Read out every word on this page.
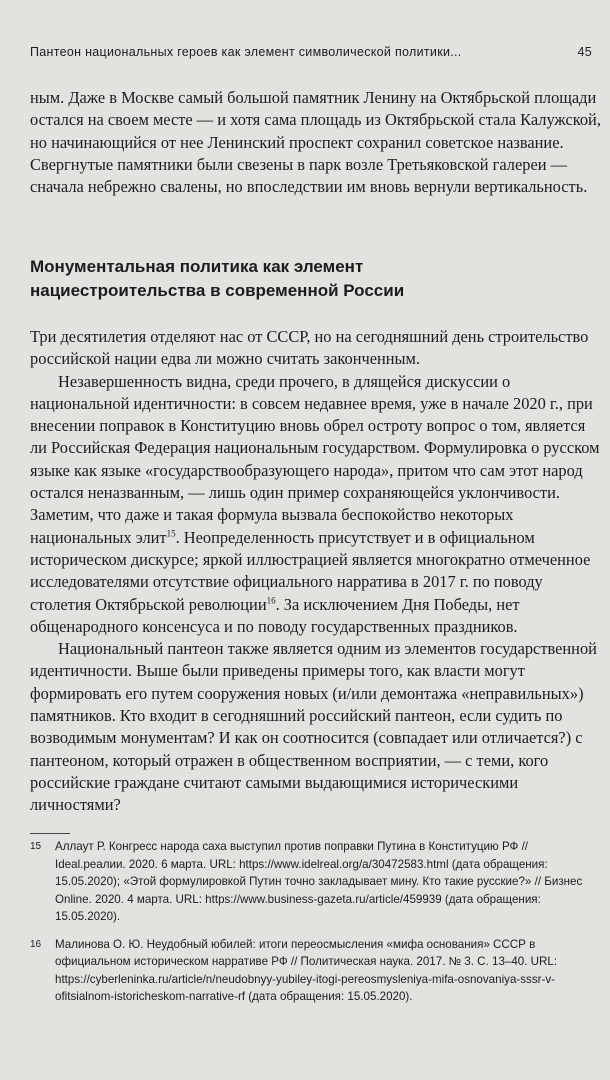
Пантеон национальных героев как элемент символической политики...	45

ным. Даже в Москве самый большой памятник Ленину на Октябрьской площади остался на своем месте — и хотя сама площадь из Октябрьской стала Калужской, но начинающийся от нее Ленинский проспект сохранил советское название. Свергнутые памятники были свезены в парк возле Третьяковской галереи — сначала небрежно свалены, но впоследствии им вновь вернули вертикальность.

Монументальная политика как элемент
нациестроительства в современной России

Три десятилетия отделяют нас от СССР, но на сегодняшний день строительство российской нации едва ли можно считать законченным.

Незавершенность видна, среди прочего, в длящейся дискуссии о национальной идентичности: в совсем недавнее время, уже в начале 2020 г., при внесении поправок в Конституцию вновь обрел остроту вопрос о том, является ли Российская Федерация национальным государством. Формулировка о русском языке как языке «государствообразующего народа», притом что сам этот народ остался неназванным, — лишь один пример сохраняющейся уклончивости. Заметим, что даже и такая формула вызвала беспокойство некоторых национальных элит$^{15}$. Неопределенность присутствует и в официальном историческом дискурсе; яркой иллюстрацией является многократно отмеченное исследователями отсутствие официального нарратива в 2017 г. по поводу столетия Октябрьской революции$^{16}$. За исключением Дня Победы, нет общенародного консенсуса и по поводу государственных праздников.

Национальный пантеон также является одним из элементов государственной идентичности. Выше были приведены примеры того, как власти могут формировать его путем сооружения новых (и/или демонтажа «неправильных») памятников. Кто входит в сегодняшний российский пантеон, если судить по возводимым монументам? И как он соотносится (совпадает или отличается?) с пантеоном, который отражен в общественном восприятии, — с теми, кого российские граждане считают самыми выдающимися историческими личностями?

15 Аллаут Р. Конгресс народа саха выступил против поправки Путина в Конституцию РФ // Ideal.реалии. 2020. 6 марта. URL: https://www.idelreal.org/a/30472583.html (дата обращения: 15.05.2020); «Этой формулировкой Путин точно закладывает мину. Кто такие русские?» // Бизнес Online. 2020. 4 марта. URL: https://www.business-gazeta.ru/article/459939 (дата обращения: 15.05.2020).
16 Малинова О. Ю. Неудобный юбилей: итоги переосмысления «мифа основания» СССР в официальном историческом нарративе РФ // Политическая наука. 2017. № 3. С. 13–40. URL: https://cyberleninka.ru/article/n/neudobnyy-yubiley-itogi-pereosmysleniya-mifa-osnovaniya-sssr-v-ofitsialnom-istoricheskom-narrative-rf (дата обращения: 15.05.2020).
